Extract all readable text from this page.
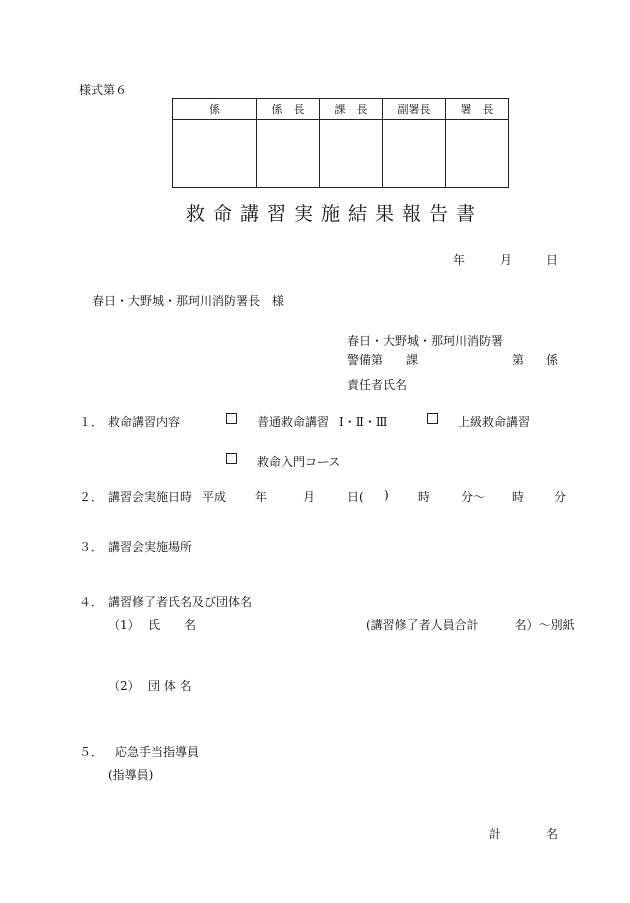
様式第６
係	係　長	課　長	副署長	署　長

救命講習実施結果報告書
年	月	日
春日・大野城・那珂川消防署長　様
春日・大野城・那珂川消防署
警備第 課	第 係
責任者氏名
１． 救命講習内容	普通救命講習 Ⅰ・Ⅱ・Ⅲ	上級救命講習
救命入門コース
２． 講習会実施日時 平成 年	月	日( ) 時	分～ 時 分
３． 講習会実施場所
４． 講習修了者氏名及び団体名
（1） 氏　　名	(講習修了者人員合計　　　名）～別紙
（2） 団 体 名
５． 応急手当指導員
(指導員)
計	名
